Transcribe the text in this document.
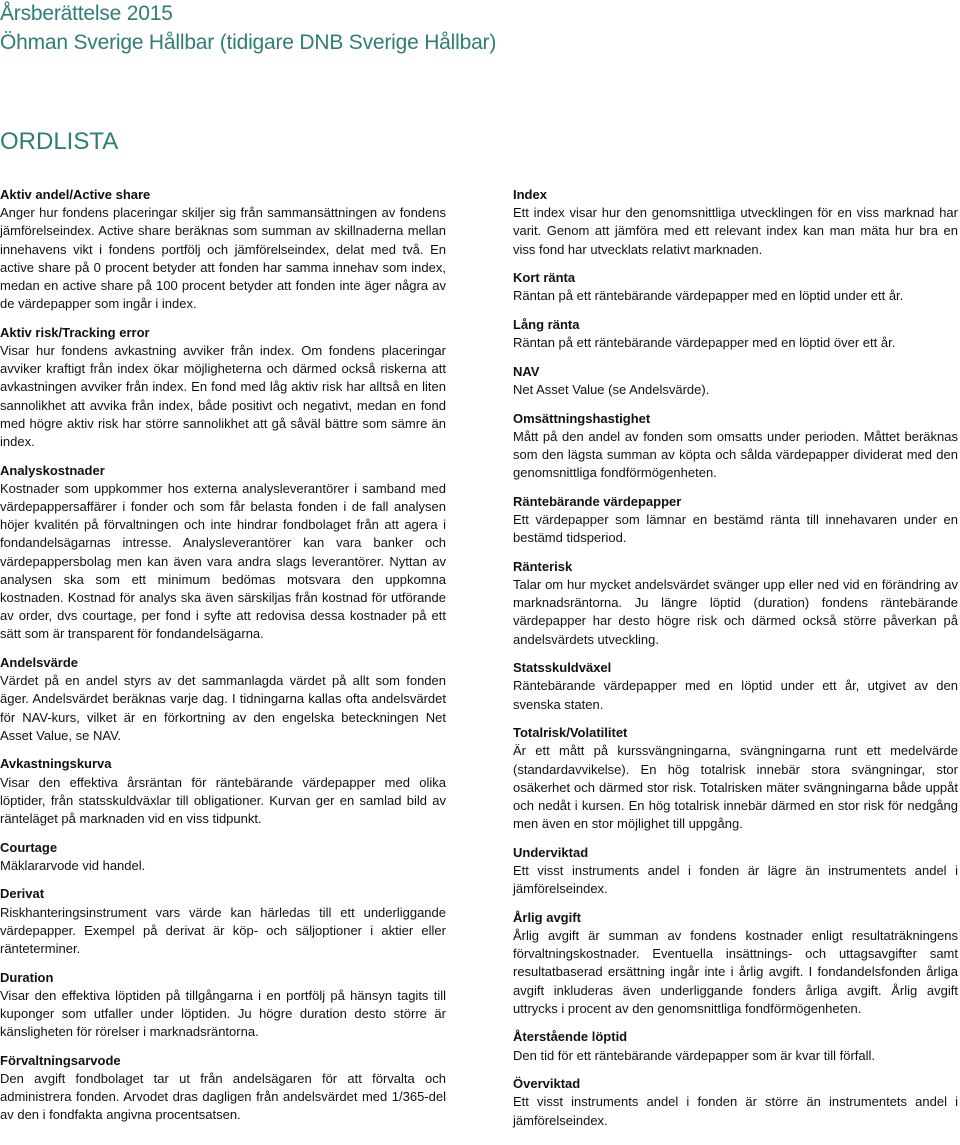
Årsberättelse 2015
Öhman Sverige Hållbar (tidigare DNB Sverige Hållbar)
ORDLISTA

Aktiv andel/Active share

Anger hur fondens placeringar skiljer sig från sammansättningen av fondens jämförelseindex. Active share beräknas som summan av skillnaderna mellan innehavens vikt i fondens portfölj och jämförelseindex, delat med två. En active share på 0 procent betyder att fonden har samma innehav som index, medan en active share på 100 procent betyder att fonden inte äger några av de värdepapper som ingår i index.

Aktiv risk/Tracking error

Visar hur fondens avkastning avviker från index. Om fondens placeringar avviker kraftigt från index ökar möjligheterna och därmed också riskerna att avkastningen avviker från index. En fond med låg aktiv risk har alltså en liten sannolikhet att avvika från index, både positivt och negativt, medan en fond med högre aktiv risk har större sannolikhet att gå såväl bättre som sämre än index.

Analyskostnader

Kostnader som uppkommer hos externa analysleverantörer i samband med värdepappersaffärer i fonder och som får belasta fonden i de fall analysen höjer kvalitén på förvaltningen och inte hindrar fondbolaget från att agera i fondandelsägarnas intresse. Analysleverantörer kan vara banker och värdepappersbolag men kan även vara andra slags leverantörer. Nyttan av analysen ska som ett minimum bedömas motsvara den uppkomna kostnaden. Kostnad för analys ska även särskiljas från kostnad för utförande av order, dvs courtage, per fond i syfte att redovisa dessa kostnader på ett sätt som är transparent för fondandelsägarna.

Andelsvärde

Värdet på en andel styrs av det sammanlagda värdet på allt som fonden äger. Andelsvärdet beräknas varje dag. I tidningarna kallas ofta andelsvärdet för NAV-kurs, vilket är en förkortning av den engelska beteckningen Net Asset Value, se NAV.

Avkastningskurva

Visar den effektiva årsräntan för räntebärande värdepapper med olika löptider, från statsskuldväxlar till obligationer. Kurvan ger en samlad bild av ränteläget på marknaden vid en viss tidpunkt.

Courtage

Mäklararvode vid handel.

Derivat

Riskhanteringsinstrument vars värde kan härledas till ett underliggande värdepapper. Exempel på derivat är köp- och säljoptioner i aktier eller ränteterminer.

Duration

Visar den effektiva löptiden på tillgångarna i en portfölj på hänsyn tagits till kuponger som utfaller under löptiden. Ju högre duration desto större är känsligheten för rörelser i marknadsräntorna.

Förvaltningsarvode

Den avgift fondbolaget tar ut från andelsägaren för att förvalta och administrera fonden. Arvodet dras dagligen från andelsvärdet med 1/365-del av den i fondfakta angivna procentsatsen.

Index

Ett index visar hur den genomsnittliga utvecklingen för en viss marknad har varit. Genom att jämföra med ett relevant index kan man mäta hur bra en viss fond har utvecklats relativt marknaden.

Kort ränta

Räntan på ett räntebärande värdepapper med en löptid under ett år.

Lång ränta

Räntan på ett räntebärande värdepapper med en löptid över ett år.

NAV

Net Asset Value (se Andelsvärde).

Omsättningshastighet

Mått på den andel av fonden som omsatts under perioden. Måttet beräknas som den lägsta summan av köpta och sålda värdepapper dividerat med den genomsnittliga fondförmögenheten.

Räntebärande värdepapper

Ett värdepapper som lämnar en bestämd ränta till innehavaren under en bestämd tidsperiod.

Ränterisk

Talar om hur mycket andelsvärdet svänger upp eller ned vid en förändring av marknadsräntorna. Ju längre löptid (duration) fondens räntebärande värdepapper har desto högre risk och därmed också större påverkan på andelsvärdets utveckling.

Statsskuldväxel

Räntebärande värdepapper med en löptid under ett år, utgivet av den svenska staten.

Totalrisk/Volatilitet

Är ett mått på kurssvängningarna, svängningarna runt ett medelvärde (standardavvikelse). En hög totalrisk innebär stora svängningar, stor osäkerhet och därmed stor risk. Totalrisken mäter svängningarna både uppåt och nedåt i kursen. En hög totalrisk innebär därmed en stor risk för nedgång men även en stor möjlighet till uppgång.

Underviktad

Ett visst instruments andel i fonden är lägre än instrumentets andel i jämförelseindex.

Årlig avgift

Årlig avgift är summan av fondens kostnader enligt resultaträkningens förvaltningskostnader. Eventuella insättnings- och uttagsavgifter samt resultatbaserad ersättning ingår inte i årlig avgift. I fondandelsfonden årliga avgift inkluderas även underliggande fonders årliga avgift. Årlig avgift uttrycks i procent av den genomsnittliga fondförmögenheten.

Återstående löptid

Den tid för ett räntebärande värdepapper som är kvar till förfall.

Överviktad

Ett visst instruments andel i fonden är större än instrumentets andel i jämförelseindex.
